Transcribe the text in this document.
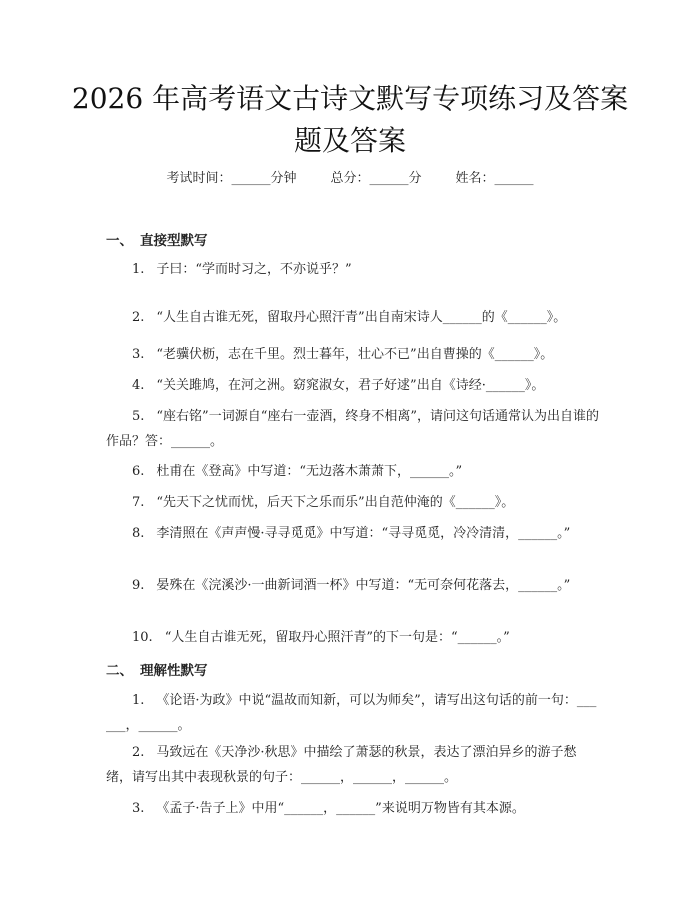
2026 年高考语文古诗文默写专项练习及答案
题及答案
考试时间：______分钟	总分：______分	姓名：______
一、 直接型默写
1. 子曰：“学而时习之，不亦说乎？”
2. “人生自古谁无死，留取丹心照汗青”出自南宋诗人______的《______》。
3. “老骥伏枥，志在千里。烈士暮年，壮心不已”出自曹操的《______》。
4. “关关雎鸠，在河之洲。窈窕淑女，君子好逑”出自《诗经·______》。
5. “座右铭”一词源自“座右一壶酒，终身不相离”，请问这句话通常认为出自谁的作品？答：______。
6. 杜甫在《登高》中写道：“无边落木萧萧下，______。”
7. “先天下之忧而忧，后天下之乐而乐”出自范仲淹的《______》。
8. 李清照在《声声慢·寻寻觅觅》中写道：“寻寻觅觅，冷冷清清，______。”
9. 晏殊在《浣溪沙·一曲新词酒一杯》中写道：“无可奈何花落去，______。”
10. “人生自古谁无死，留取丹心照汗青”的下一句是：“______。”
二、 理解性默写
1. 《论语·为政》中说“温故而知新，可以为师矣”，请写出这句话的前一句：______，______。
2. 马致远在《天净沙·秋思》中描绘了萧瑟的秋景，表达了漂泊异乡的游子愁绪，请写出其中表现秋景的句子：______，______，______。
3. 《孟子·告子上》中用“______，______”来说明万物皆有其本源。
